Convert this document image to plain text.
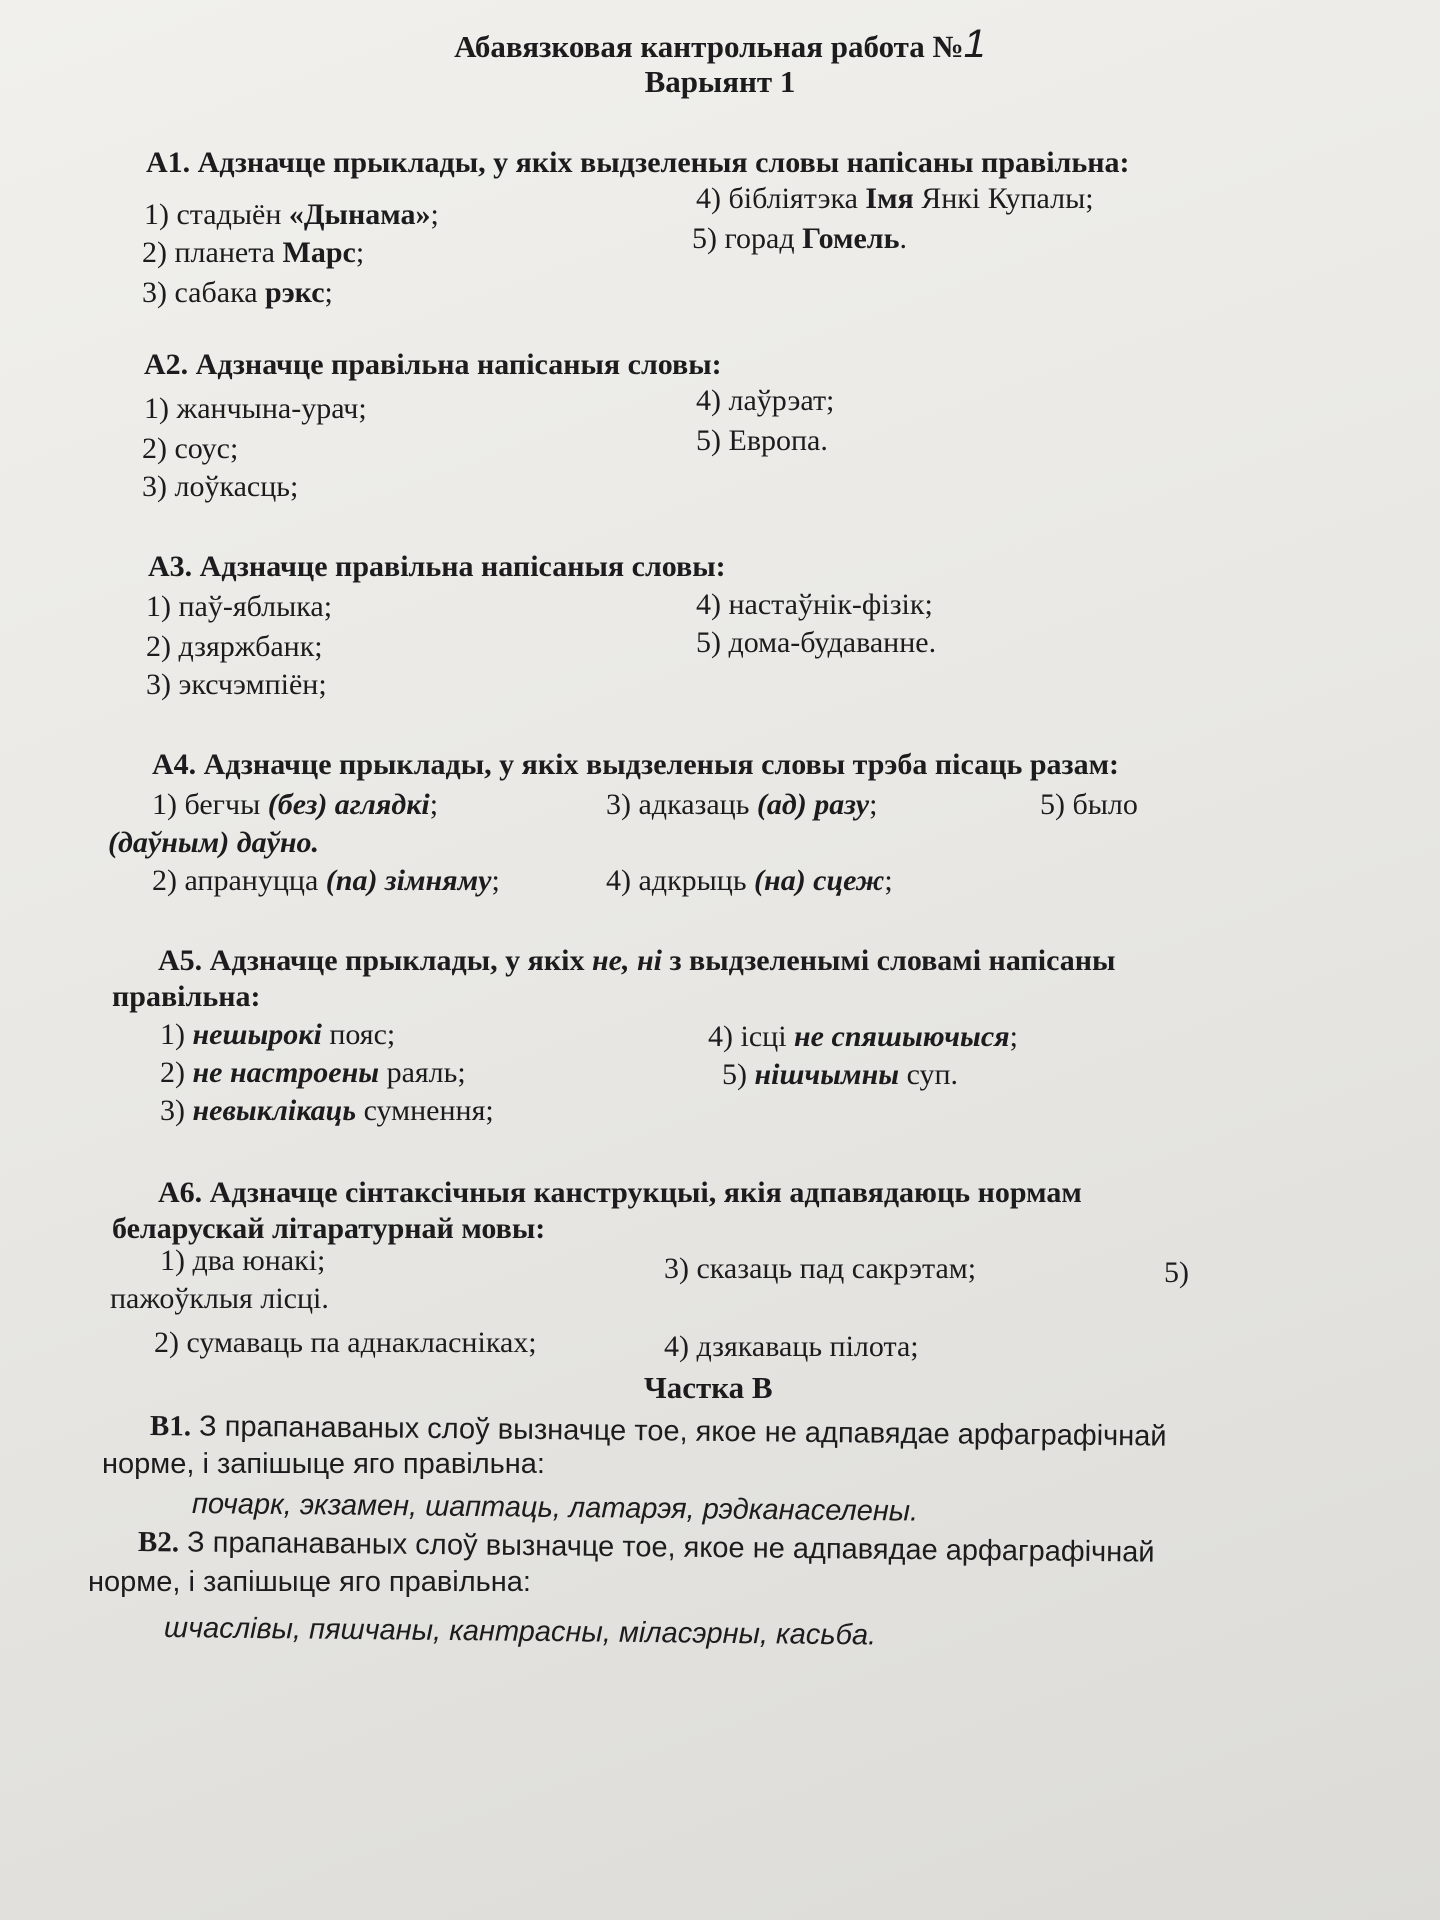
Абавязковая кантрольная работа №1
Варыянт 1
А1. Адзначце прыклады, у якіх выдзеленыя словы напісаны правільна:
1) стадыён «Дынама»;
2) планета Марс;
3) сабака рэкс;
4) бібліятэка Імя Янкі Купалы;
5) горад Гомель.
А2. Адзначце правільна напісаныя словы:
1) жанчына-урач;
2) соус;
3) лоўкасць;
4) лаўрэат;
5) Еврoпа.
А3. Адзначце правільна напісаныя словы:
1) паў-яблыка;
2) дзяржбанк;
3) эксчэмпіён;
4) настаўнік-фізік;
5) дома-будаванне.
А4. Адзначце прыклады, у якіх выдзеленыя словы трэба пісаць разам:
1) бегчы (без) аглядкі;	3) адказаць (ад) разу;	5) было
(даўным) даўно.
2) апрануцца (па) зімняму;	4) адкрыць (на) сцеж;
А5. Адзначце прыклады, у якіх не, ні з выдзеленымі словамі напісаны
правільна:
1) нешырокі пояс;
2) не настроены раяль;
3) невыклікаць сумнення;
4) ісці не спяшыючыся;
5) нішчымны суп.
А6. Адзначце сінтаксічныя канструкцыі, якія адпавядаюць нормам
беларускай літаратурнай мовы:
1) два юнакі;	3) сказаць пад сакрэтам;	5)
пажоўклыя лісці.
2) сумаваць па аднакласніках;	4) дзякаваць пілота;
Частка В
В1. З прапанаваных слоў вызначце тое, якое не адпавядае арфаграфічнай
норме, і запішыце яго правільна:
почарк, экзамен, шаптаць, латарэя, рэдканаселены.
В2. З прапанаваных слоў вызначце тое, якое не адпавядае арфаграфічнай
норме, і запішыце яго правільна:
шчаслівы, пяшчаны, кантрасны, міласэрны, касьба.
